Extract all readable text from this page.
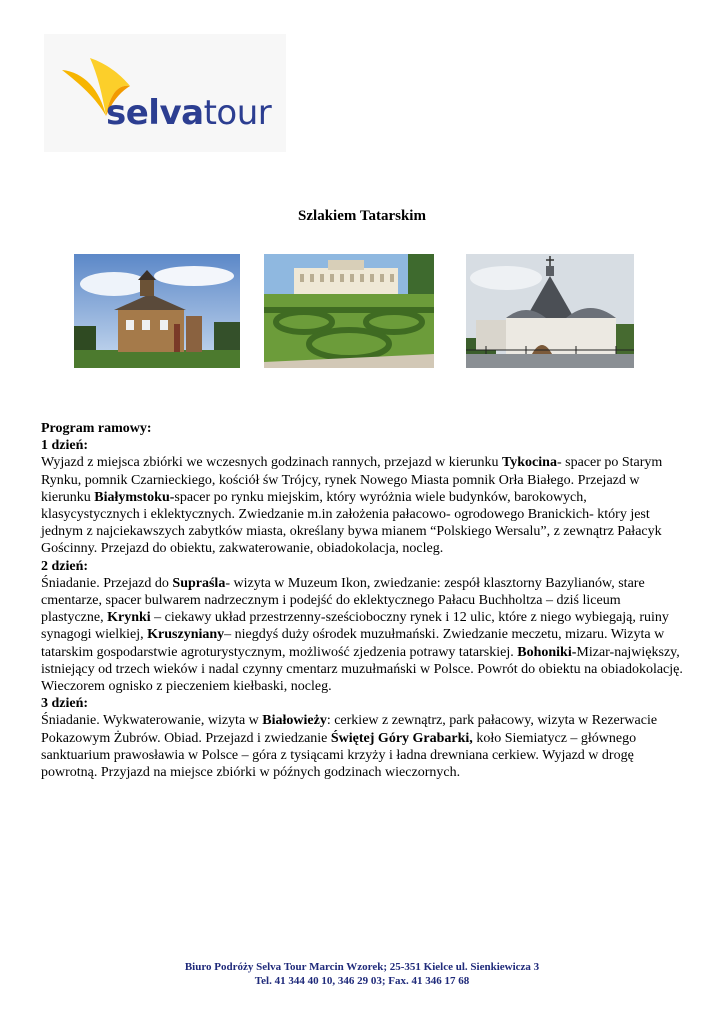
selvatour
Szlakiem Tatarskim

Program ramowy:

1 dzień:

Wyjazd z miejsca zbiórki we wczesnych godzinach rannych, przejazd w kierunku Tykocina- spacer po Starym Rynku, pomnik Czarnieckiego, kościół św Trójcy, rynek Nowego Miasta pomnik Orła Białego. Przejazd w kierunku Białymstoku-spacer po rynku miejskim, który wyróżnia wiele budynków, barokowych, klasycystycznych i eklektycznych. Zwiedzanie m.in założenia pałacowo- ogrodowego Branickich- który jest jednym z najciekawszych zabytków miasta, określany bywa mianem “Polskiego Wersalu”, z zewnątrz Pałacyk Gościnny. Przejazd do obiektu, zakwaterowanie, obiadokolacja, nocleg.

2 dzień:

Śniadanie. Przejazd do Supraśla- wizyta w Muzeum Ikon, zwiedzanie: zespół klasztorny Bazylianów, stare cmentarze, spacer bulwarem nadrzecznym i podejść do eklektycznego Pałacu Buchholtza – dziś liceum plastyczne, Krynki – ciekawy układ przestrzenny-sześcioboczny rynek i 12 ulic, które z niego wybiegają, ruiny synagogi wielkiej, Kruszyniany– niegdyś duży ośrodek muzułmański. Zwiedzanie meczetu, mizaru. Wizyta w tatarskim gospodarstwie agroturystycznym, możliwość zjedzenia potrawy tatarskiej. Bohoniki-Mizar-największy, istniejący od trzech wieków i nadal czynny cmentarz muzułmański w Polsce. Powrót do obiektu na obiadokolację. Wieczorem ognisko z pieczeniem kiełbaski, nocleg.

3 dzień:

Śniadanie. Wykwaterowanie, wizyta w Białowieży: cerkiew z zewnątrz, park pałacowy, wizyta w Rezerwacie Pokazowym Żubrów. Obiad. Przejazd i zwiedzanie Świętej Góry Grabarki, koło Siemiatycz – głównego sanktuarium prawosławia w Polsce – góra z tysiącami krzyży i ładna drewniana cerkiew. Wyjazd w drogę powrotną. Przyjazd na miejsce zbiórki w późnych godzinach wieczornych.

Biuro Podróży Selva Tour Marcin Wzorek; 25-351 Kielce ul. Sienkiewicza 3
Tel. 41 344 40 10, 346 29 03; Fax. 41 346 17 68
